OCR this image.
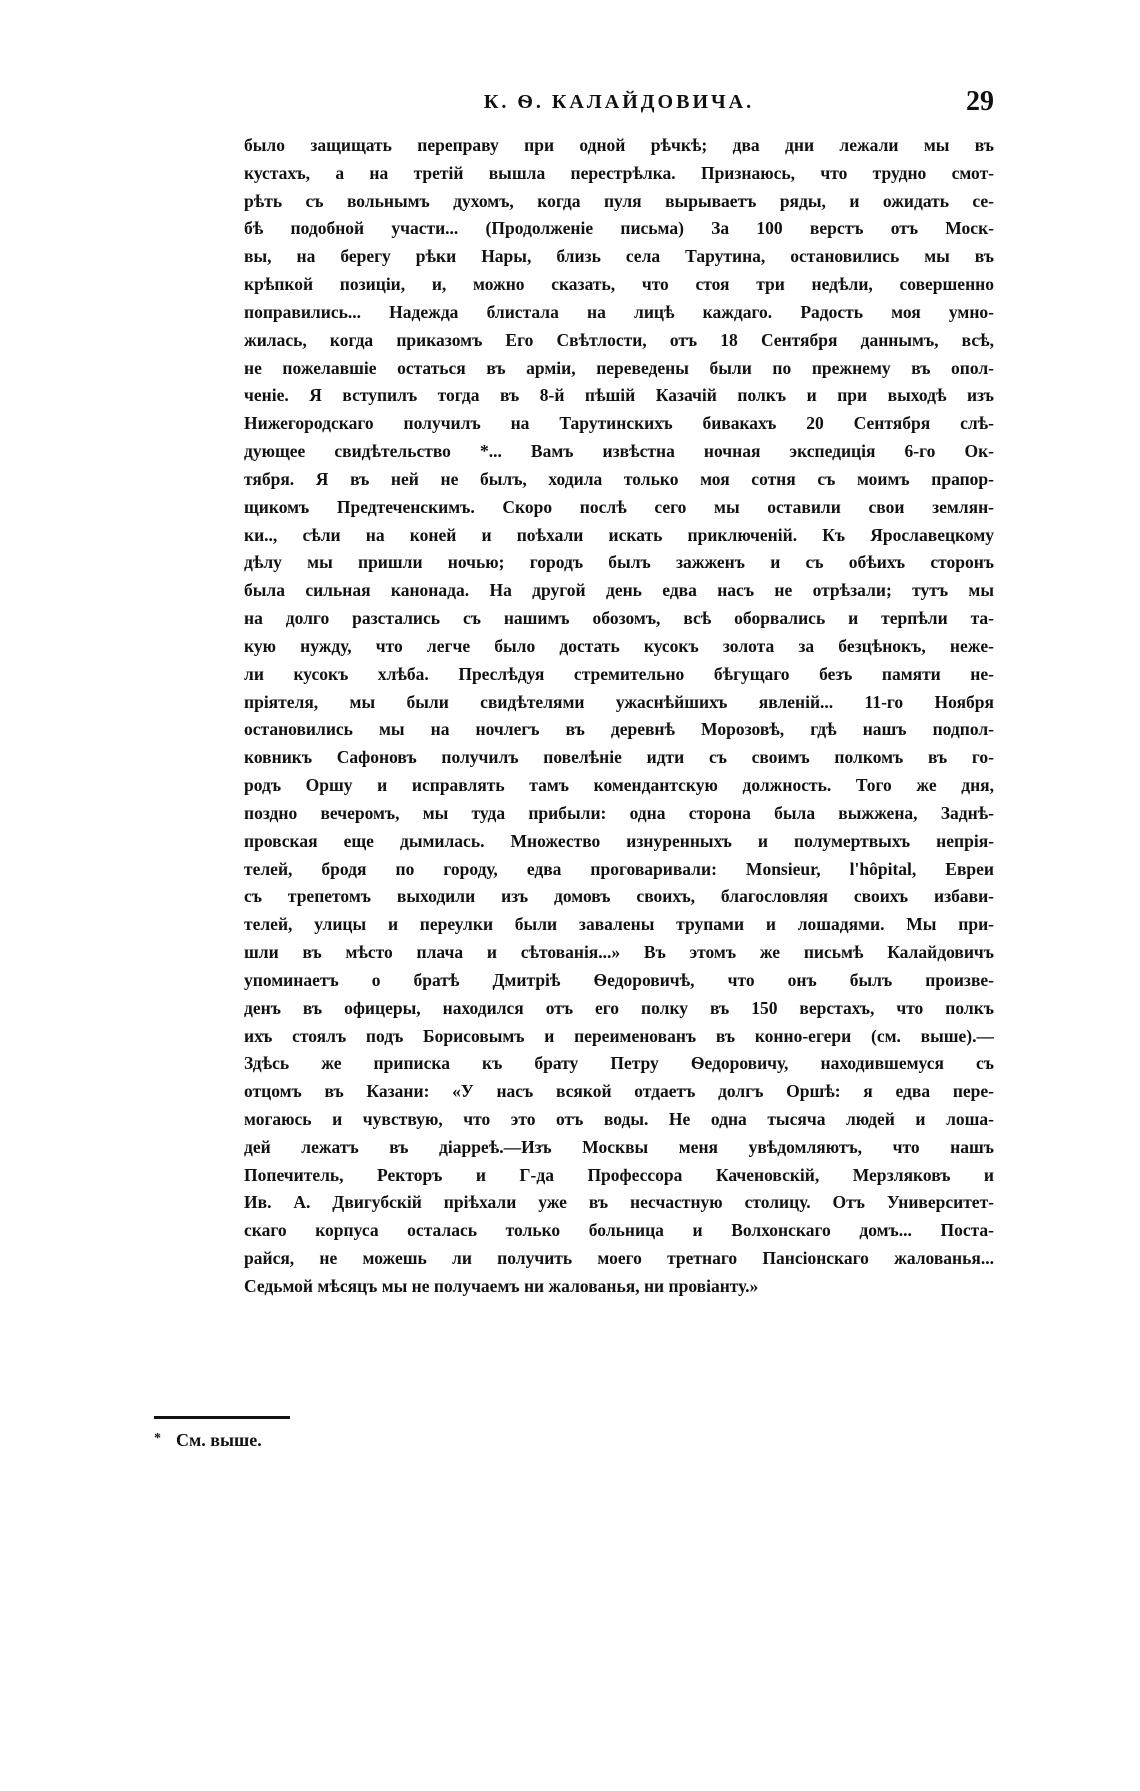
К. Ѳ. КАЛАЙДОВИЧА.	29
было защищать переправу при одной рѣчкѣ; два дни лежали мы въ
кустахъ, а на третій вышла перестрѣлка. Признаюсь, что трудно смот-
рѣть съ вольнымъ духомъ, когда пуля вырываетъ ряды, и ожидать се-
бѣ подобной участи... (Продолженіе письма) За 100 верстъ отъ Моск-
вы, на берегу рѣки Нары, близь села Тарутина, остановились мы въ
крѣпкой позиціи, и, можно сказать, что стоя три недѣли, совершенно
поправились... Надежда блистала на лицѣ каждаго. Радость моя умно-
жилась, когда приказомъ Его Свѣтлости, отъ 18 Сентября даннымъ, всѣ,
не пожелавшіе остаться въ арміи, переведены были по прежнему въ опол-
ченіе. Я вступилъ тогда въ 8-й пѣшій Казачій полкъ и при выходѣ изъ
Нижегородскаго получилъ на Тарутинскихъ бивакахъ 20 Сентября слѣ-
дующее свидѣтельство *... Вамъ извѣстна ночная экспедиція 6-го Ок-
тября. Я въ ней не былъ, ходила только моя сотня съ моимъ прапор-
щикомъ Предтеченскимъ. Скоро послѣ сего мы оставили свои землян-
ки.., сѣли на коней и поѣхали искать приключеній. Къ Ярославецкому
дѣлу мы пришли ночью; городъ былъ зажженъ и съ обѣихъ сторонъ
была сильная канонада. На другой день едва насъ не отрѣзали; тутъ мы
на долго разстались съ нашимъ обозомъ, всѣ оборвались и терпѣли та-
кую нужду, что легче было достать кусокъ золота за безцѣнокъ, нежe-
ли кусокъ хлѣба. Преслѣдуя стремительно бѣгущаго безъ памяти не-
пріятеля, мы были свидѣтелями ужаснѣйшихъ явленій... 11-го Ноября
остановились мы на ночлегъ въ деревнѣ Морозовѣ, гдѣ нашъ подпол-
ковникъ Сафоновъ получилъ повелѣніе идти съ своимъ полкомъ въ го-
родъ Оршу и исправлять тамъ комендантскую должность. Того же дня,
поздно вечеромъ, мы туда прибыли: одна сторона была выжжена, Заднѣ-
провская еще дымилась. Множество изнуренныхъ и полумертвыхъ непрія-
телей, бродя по городу, едва проговаривали: Monsieur, l'hôpital, Евреи
съ трепетомъ выходили изъ домовъ своихъ, благословляя своихъ избави-
телей, улицы и переулки были завалены трупами и лошадями. Мы при-
шли въ мѣсто плача и сѣтованія...» Въ этомъ же письмѣ Калайдовичъ
упоминаетъ о братѣ Дмитріѣ Ѳедоровичѣ, что онъ былъ произве-
денъ въ офицеры, находился отъ его полку въ 150 верстахъ, что полкъ
ихъ стоялъ подъ Борисовымъ и переименованъ въ конно-егери (см. выше).—
Здѣсь же приписка къ брату Петру Ѳедоровичу, находившемуся съ
отцомъ въ Казани: «У насъ всякой отдаетъ долгъ Оршѣ: я едва пере-
могаюсь и чувствую, что это отъ воды. Не одна тысяча людей и лоша-
дей лежатъ въ діарреѣ.—Изъ Москвы меня увѣдомляютъ, что нашъ
Попечитель, Ректоръ и Г-да Профессора Каченовскій, Мерзляковъ и
Ив. А. Двигубскій пріѣхали уже въ несчастную столицу. Отъ Университет-
скаго корпуса осталась только больница и Волхонскаго домъ... Поста-
райся, не можешь ли получить моего третнаго Пансіонскаго жалованья...
Седьмой мѣсяцъ мы не получаемъ ни жалованья, ни провіанту.»
* См. выше.
